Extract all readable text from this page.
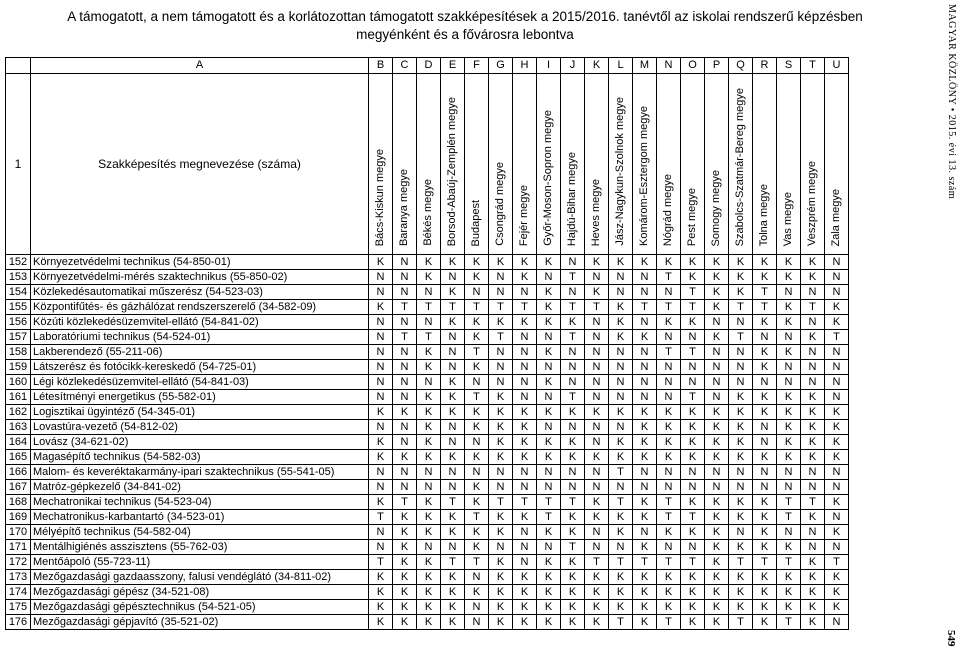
A támogatott, a nem támogatott és a korlátozottan támogatott szakképesítések a 2015/2016. tanévtől az iskolai rendszerű képzésben
megyénként és a fővárosra lebontva
	A	B	C	D	E	F	G	H	I	J	K	L	M	N	O	P	Q	R	S	T	U
1	Szakképesítés megnevezése (száma)	Bács-Kiskun megye	Baranya megye	Békés megye	Borsod-Abaúj-Zemplén megye	Budapest	Csongrád megye	Fejér megye	Győr-Moson-Sopron megye	Hajdú-Bihar megye	Heves megye	Jász-Nagykun-Szolnok megye	Komárom-Esztergom megye	Nógrád megye	Pest megye	Somogy megye	Szabolcs-Szatmár-Bereg megye	Tolna megye	Vas megye	Veszprém megye	Zala megye
152	Környezetvédelmi technikus (54-850-01)	K	N	K	K	K	K	K	K	N	K	K	K	K	K	K	K	K	K	K	N
153	Környezetvédelmi-mérés szaktechnikus (55-850-02)	N	N	K	N	K	N	K	N	T	N	N	N	T	K	K	K	K	K	K	N
154	Közlekedésautomatikai műszerész (54-523-03)	N	N	N	K	N	N	N	K	N	K	N	N	N	T	K	K	T	N	N	N
155	Központifűtés- és gázhálózat rendszerszerelő (34-582-09)	K	T	T	T	T	T	T	K	T	T	K	T	T	T	K	T	T	K	T	K
156	Közúti közlekedésüzemvitel-ellátó (54-841-02)	N	N	N	K	K	K	K	K	K	N	K	N	K	K	N	N	K	K	N	K
157	Laboratóriumi technikus (54-524-01)	N	T	T	N	K	T	N	N	T	N	K	K	N	N	K	T	N	N	K	T
158	Lakberendező (55-211-06)	N	N	K	N	T	N	N	K	N	N	N	N	T	T	N	N	K	K	N	N
159	Látszerész és fotócikk-kereskedő (54-725-01)	N	N	K	N	K	N	N	N	N	N	N	N	N	N	N	N	K	N	N	N
160	Légi közlekedésüzemvitel-ellátó (54-841-03)	N	N	N	K	N	N	N	K	N	N	N	N	N	N	N	N	N	N	N	N
161	Létesítményi energetikus (55-582-01)	N	N	K	K	T	K	N	N	T	N	N	N	N	T	N	K	K	K	K	N
162	Logisztikai ügyintéző (54-345-01)	K	K	K	K	K	K	K	K	K	K	K	K	K	K	K	K	K	K	K	K
163	Lovastúra-vezető (54-812-02)	N	N	K	N	K	K	K	N	N	N	N	K	K	K	K	K	N	K	K	K
164	Lovász (34-621-02)	K	N	K	N	N	K	K	K	K	N	K	K	K	K	K	K	N	K	K	K
165	Magasépítő technikus (54-582-03)	K	K	K	K	K	K	K	K	K	K	K	K	K	K	K	K	K	K	K	K
166	Malom- és keveréktakarmány-ipari szaktechnikus (55-541-05)	N	N	N	N	N	N	N	N	N	N	T	N	N	N	N	N	N	N	N	N
167	Matróz-gépkezelő (34-841-02)	N	N	N	N	K	N	N	N	N	N	N	N	N	N	N	N	N	N	N	N
168	Mechatronikai technikus (54-523-04)	K	T	K	T	K	T	T	T	T	K	T	K	T	K	K	K	K	T	T	K
169	Mechatronikus-karbantartó (34-523-01)	T	K	K	K	T	K	K	T	K	K	K	K	T	T	K	K	K	T	K	N
170	Mélyépítő technikus (54-582-04)	N	K	K	K	K	K	N	K	K	N	K	N	K	K	K	N	K	N	N	K
171	Mentálhigiénés asszisztens (55-762-03)	N	K	N	N	K	N	N	N	T	N	N	K	N	N	K	K	K	K	N	N
172	Mentőápoló (55-723-11)	T	K	K	T	T	K	N	K	K	T	T	T	T	T	K	T	T	T	K	T
173	Mezőgazdasági gazdaasszony, falusi vendéglátó (34-811-02)	K	K	K	K	N	K	K	K	K	K	K	K	K	K	K	K	K	K	K	K
174	Mezőgazdasági gépész (34-521-08)	K	K	K	K	K	K	K	K	K	K	K	K	K	K	K	K	K	K	K	K
175	Mezőgazdasági gépésztechnikus (54-521-05)	K	K	K	K	N	K	K	K	K	K	K	K	K	K	K	K	K	K	K	K
176	Mezőgazdasági gépjavító (35-521-02)	K	K	K	K	N	K	K	K	K	K	T	K	T	K	K	T	K	T	K	N
MAGYAR KÖZLÖNY • 2015. évi 13. szám
549
